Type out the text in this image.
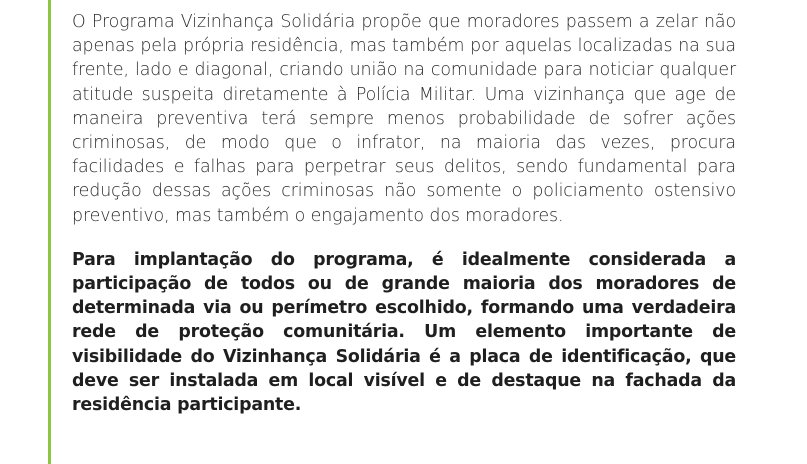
O Programa Vizinhança Solidária propõe que moradores passem a zelar não apenas pela própria residência, mas também por aquelas localizadas na sua frente, lado e diagonal, criando união na comunidade para noticiar qualquer atitude suspeita diretamente à Polícia Militar. Uma vizinhança que age de maneira preventiva terá sempre menos probabilidade de sofrer ações criminosas, de modo que o infrator, na maioria das vezes, procura facilidades e falhas para perpetrar seus delitos, sendo fundamental para redução dessas ações criminosas não somente o policiamento ostensivo preventivo, mas também o engajamento dos moradores.

Para implantação do programa, é idealmente considerada a participação de todos ou de grande maioria dos moradores de determinada via ou perímetro escolhido, formando uma verdadeira rede de proteção comunitária. Um elemento importante de visibilidade do Vizinhança Solidária é a placa de identificação, que deve ser instalada em local visível e de destaque na fachada da residência participante.
